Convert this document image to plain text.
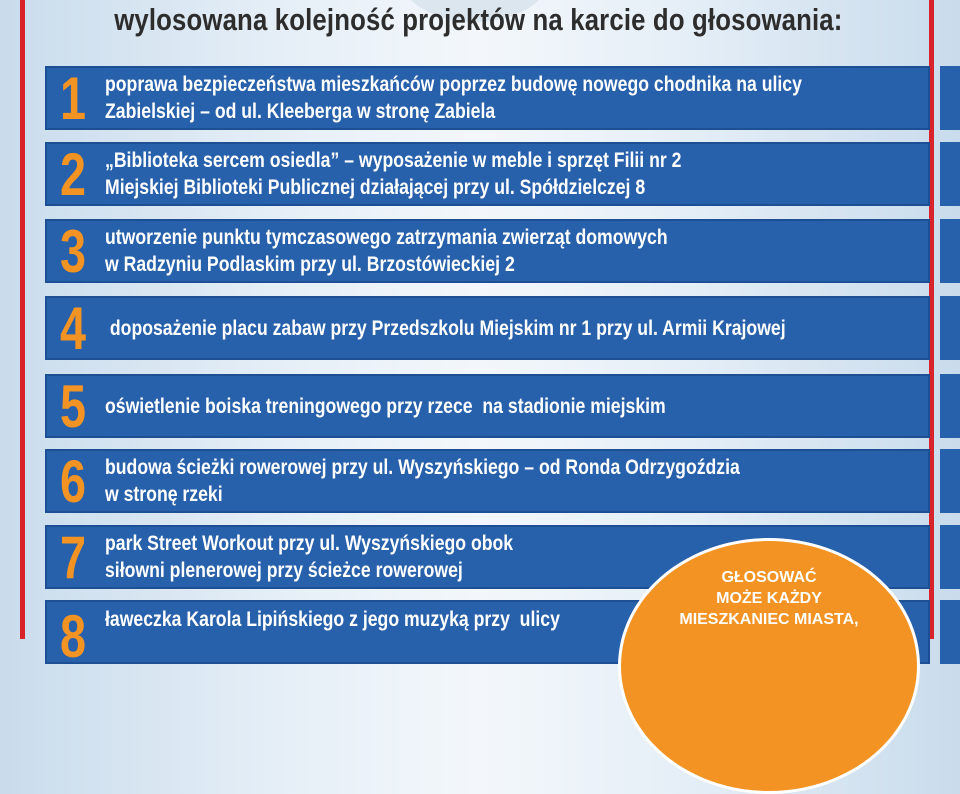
wylosowana kolejność projektów na karcie do głosowania:
1 poprawa bezpieczeństwa mieszkańców poprzez budowę nowego chodnika na ulicy
Zabielskiej – od ul. Kleeberga w stronę Zabiela
2 „Biblioteka sercem osiedla” – wyposażenie w meble i sprzęt Filii nr 2
Miejskiej Biblioteki Publicznej działającej przy ul. Spółdzielczej 8
3 utworzenie punktu tymczasowego zatrzymania zwierząt domowych
w Radzyniu Podlaskim przy ul. Brzostówieckiej 2
4 doposażenie placu zabaw przy Przedszkolu Miejskim nr 1 przy ul. Armii Krajowej
5 oświetlenie boiska treningowego przy rzece  na stadionie miejskim
6 budowa ścieżki rowerowej przy ul. Wyszyńskiego – od Ronda Odrzygoździa
w stronę rzeki
7 park Street Workout przy ul. Wyszyńskiego obok
siłowni plenerowej przy ścieżce rowerowej
8 ławeczka Karola Lipińskiego z jego muzyką przy  ulicy
GŁOSOWAĆ
MOŻE KAŻDY
MIESZKANIEC MIASTA,
